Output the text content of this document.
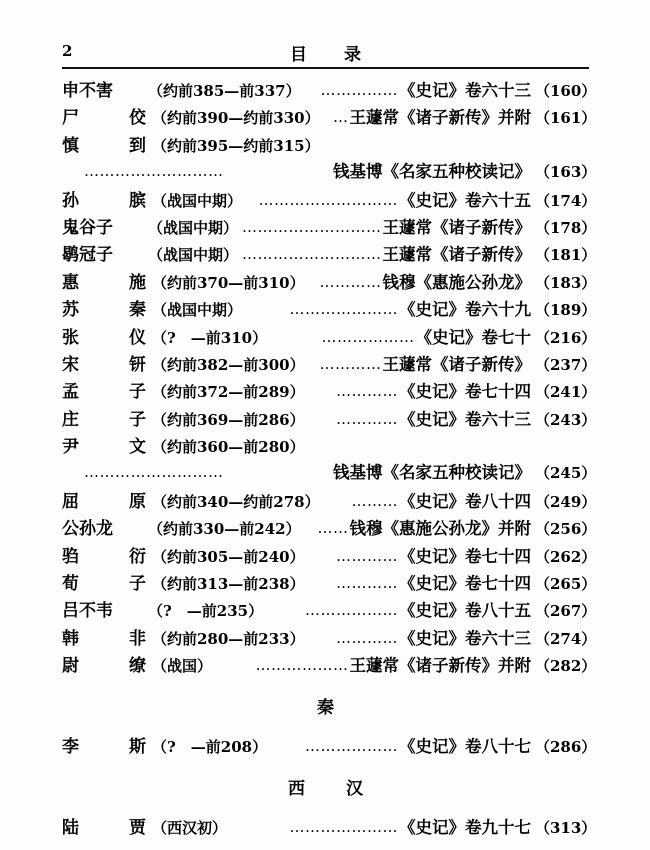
2	目　录
申 不 害 （约前385—前337）	…………… 《史记》卷六十三 （160）
尸	佼 （约前390—约前330） … 王蘧常《诸子新传》并附 （161）
慎	到 （约前395—约前315）
………………………	钱基博《名家五种校读记》 （163）
孙	膑 （战国中期）	……………………… 《史记》卷六十五 （174）
鬼 谷 子 （战国中期） ……………………… 王蘧常《诸子新传》 （178）
鹖 冠 子 （战国中期） ……………………… 王蘧常《诸子新传》 （181）
惠	施 （约前370—前310） ………… 钱穆《惠施公孙龙》 （183）
苏	秦 （战国中期）	………………… 《史记》卷六十九 （189）
张	仪 （?　—前310）	……………… 《史记》卷七十 （216）
宋	钘 （约前382—前300） ………… 王蘧常《诸子新传》 （237）
孟	子 （约前372—前289）	………… 《史记》卷七十四 （241）
庄	子 （约前369—前286）	………… 《史记》卷六十三 （243）
尹	文 （约前360—前280）
………………………	钱基博《名家五种校读记》 （245）
屈	原 （约前340—约前278）	……… 《史记》卷八十四 （249）
公 孙 龙 （约前330—前242）	…… 钱穆《惠施公孙龙》并附 （256）
驺	衍 （约前305—前240）	………… 《史记》卷七十四 （262）
荀	子 （约前313—前238）	………… 《史记》卷七十四 （265）
吕 不 韦 （?　—前235）	……………… 《史记》卷八十五 （267）
韩	非 （约前280—前233）	………… 《史记》卷六十三 （274）
尉	缭 （战国）	……………… 王蘧常《诸子新传》并附 （282）
秦
李	斯 （?　—前208）	……………… 《史记》卷八十七 （286）
西　汉
陆	贾 （西汉初）	………………… 《史记》卷九十七 （313）
